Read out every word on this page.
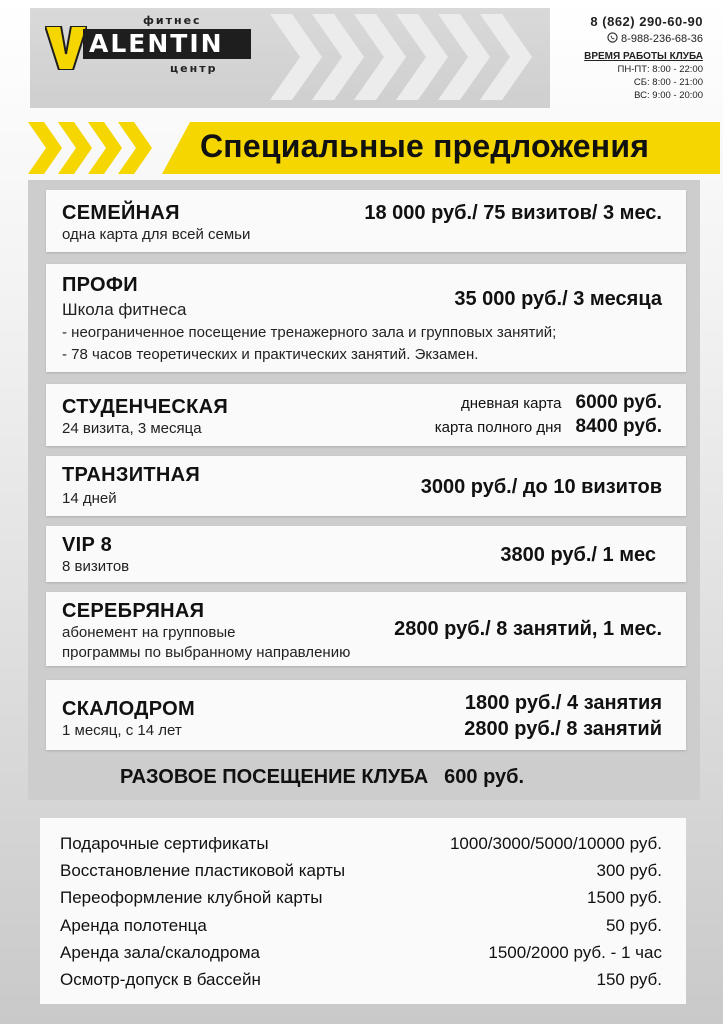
фитнес
ALENTIN
центр
8 (862) 290-60-90
8-988-236-68-36
ВРЕМЯ РАБОТЫ КЛУБА
ПН-ПТ: 8:00 - 22:00
СБ: 8:00 - 21:00
ВС: 9:00 - 20:00
Специальные предложения
СЕМЕЙНАЯ
одна карта для всей семьи
18 000 руб./ 75 визитов/ 3 мес.
ПРОФИ
Школа фитнеса	35 000 руб./ 3 месяца
- неограниченное посещение тренажерного зала и групповых занятий;
- 78 часов теоретических и практических занятий. Экзамен.
СТУДЕНЧЕСКАЯ
24 визита, 3 месяца
дневная карта 6000 руб.
карта полного дня 8400 руб.
ТРАНЗИТНАЯ
14 дней
3000 руб./ до 10 визитов
VIP 8
8 визитов
3800 руб./ 1 мес
СЕРЕБРЯНАЯ
абонемент на групповые
программы по выбранному направлению
2800 руб./ 8 занятий, 1 мес.
СКАЛОДРОМ
1 месяц, с 14 лет
1800 руб./ 4 занятия
2800 руб./ 8 занятий
РАЗОВОЕ ПОСЕЩЕНИЕ КЛУБА 600 руб.
Подарочные сертификаты	1000/3000/5000/10000 руб.
Восстановление пластиковой карты	300 руб.
Переоформление клубной карты	1500 руб.
Аренда полотенца	50 руб.
Аренда зала/скалодрома	1500/2000 руб. - 1 час
Осмотр-допуск в бассейн	150 руб.
